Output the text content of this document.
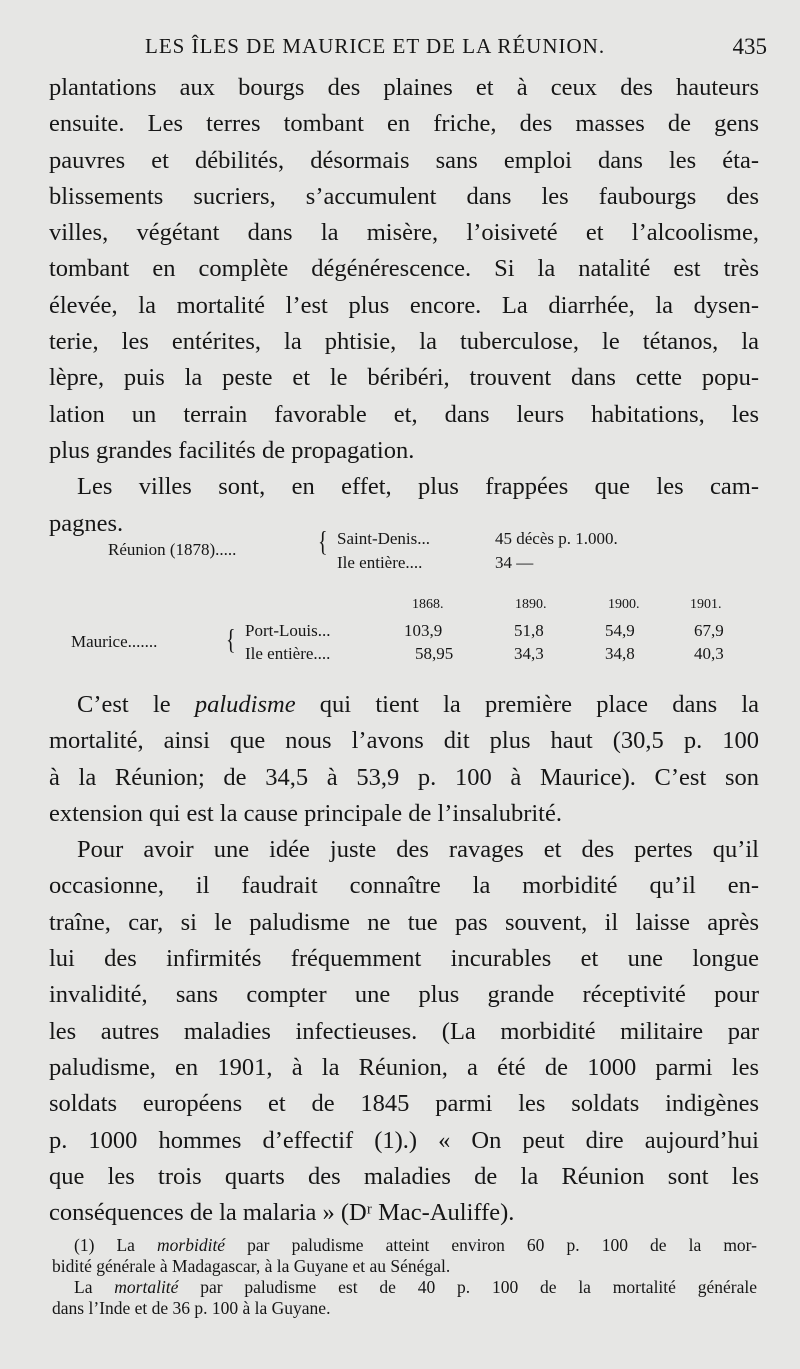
LES ÎLES DE MAURICE ET DE LA RÉUNION.	435
plantations aux bourgs des plaines et à ceux des hauteurs
ensuite. Les terres tombant en friche, des masses de gens
pauvres et débilités, désormais sans emploi dans les éta-
blissements sucriers, s’accumulent dans les faubourgs des
villes, végétant dans la misère, l’oisiveté et l’alcoolisme,
tombant en complète dégénérescence. Si la natalité est très
élevée, la mortalité l’est plus encore. La diarrhée, la dysen-
terie, les entérites, la phtisie, la tuberculose, le tétanos, la
lèpre, puis la peste et le béribéri, trouvent dans cette popu-
lation un terrain favorable et, dans leurs habitations, les
plus grandes facilités de propagation.
Les villes sont, en effet, plus frappées que les cam-
pagnes.
Réunion (1878).....	{ Saint-Denis...	45 décès p. 1.000.
Ile entière....	34 —
1868.	1890.	1900.	1901.
Maurice.......	{ Port-Louis...	103,9	51,8	54,9	67,9
Ile entière....	58,95	34,3	34,8	40,3
C’est le paludisme qui tient la première place dans la
mortalité, ainsi que nous l’avons dit plus haut (30,5 p. 100
à la Réunion; de 34,5 à 53,9 p. 100 à Maurice). C’est son
extension qui est la cause principale de l’insalubrité.
Pour avoir une idée juste des ravages et des pertes qu’il
occasionne, il faudrait connaître la morbidité qu’il en-
traîne, car, si le paludisme ne tue pas souvent, il laisse après
lui des infirmités fréquemment incurables et une longue
invalidité, sans compter une plus grande réceptivité pour
les autres maladies infectieuses. (La morbidité militaire par
paludisme, en 1901, à la Réunion, a été de 1000 parmi les
soldats européens et de 1845 parmi les soldats indigènes
p. 1000 hommes d’effectif (1).) « On peut dire aujourd’hui
que les trois quarts des maladies de la Réunion sont les
conséquences de la malaria » (Dʳ Mac-Auliffe).
(1) La morbidité par paludisme atteint environ 60 p. 100 de la mor-
bidité générale à Madagascar, à la Guyane et au Sénégal.
La mortalité par paludisme est de 40 p. 100 de la mortalité générale
dans l’Inde et de 36 p. 100 à la Guyane.
